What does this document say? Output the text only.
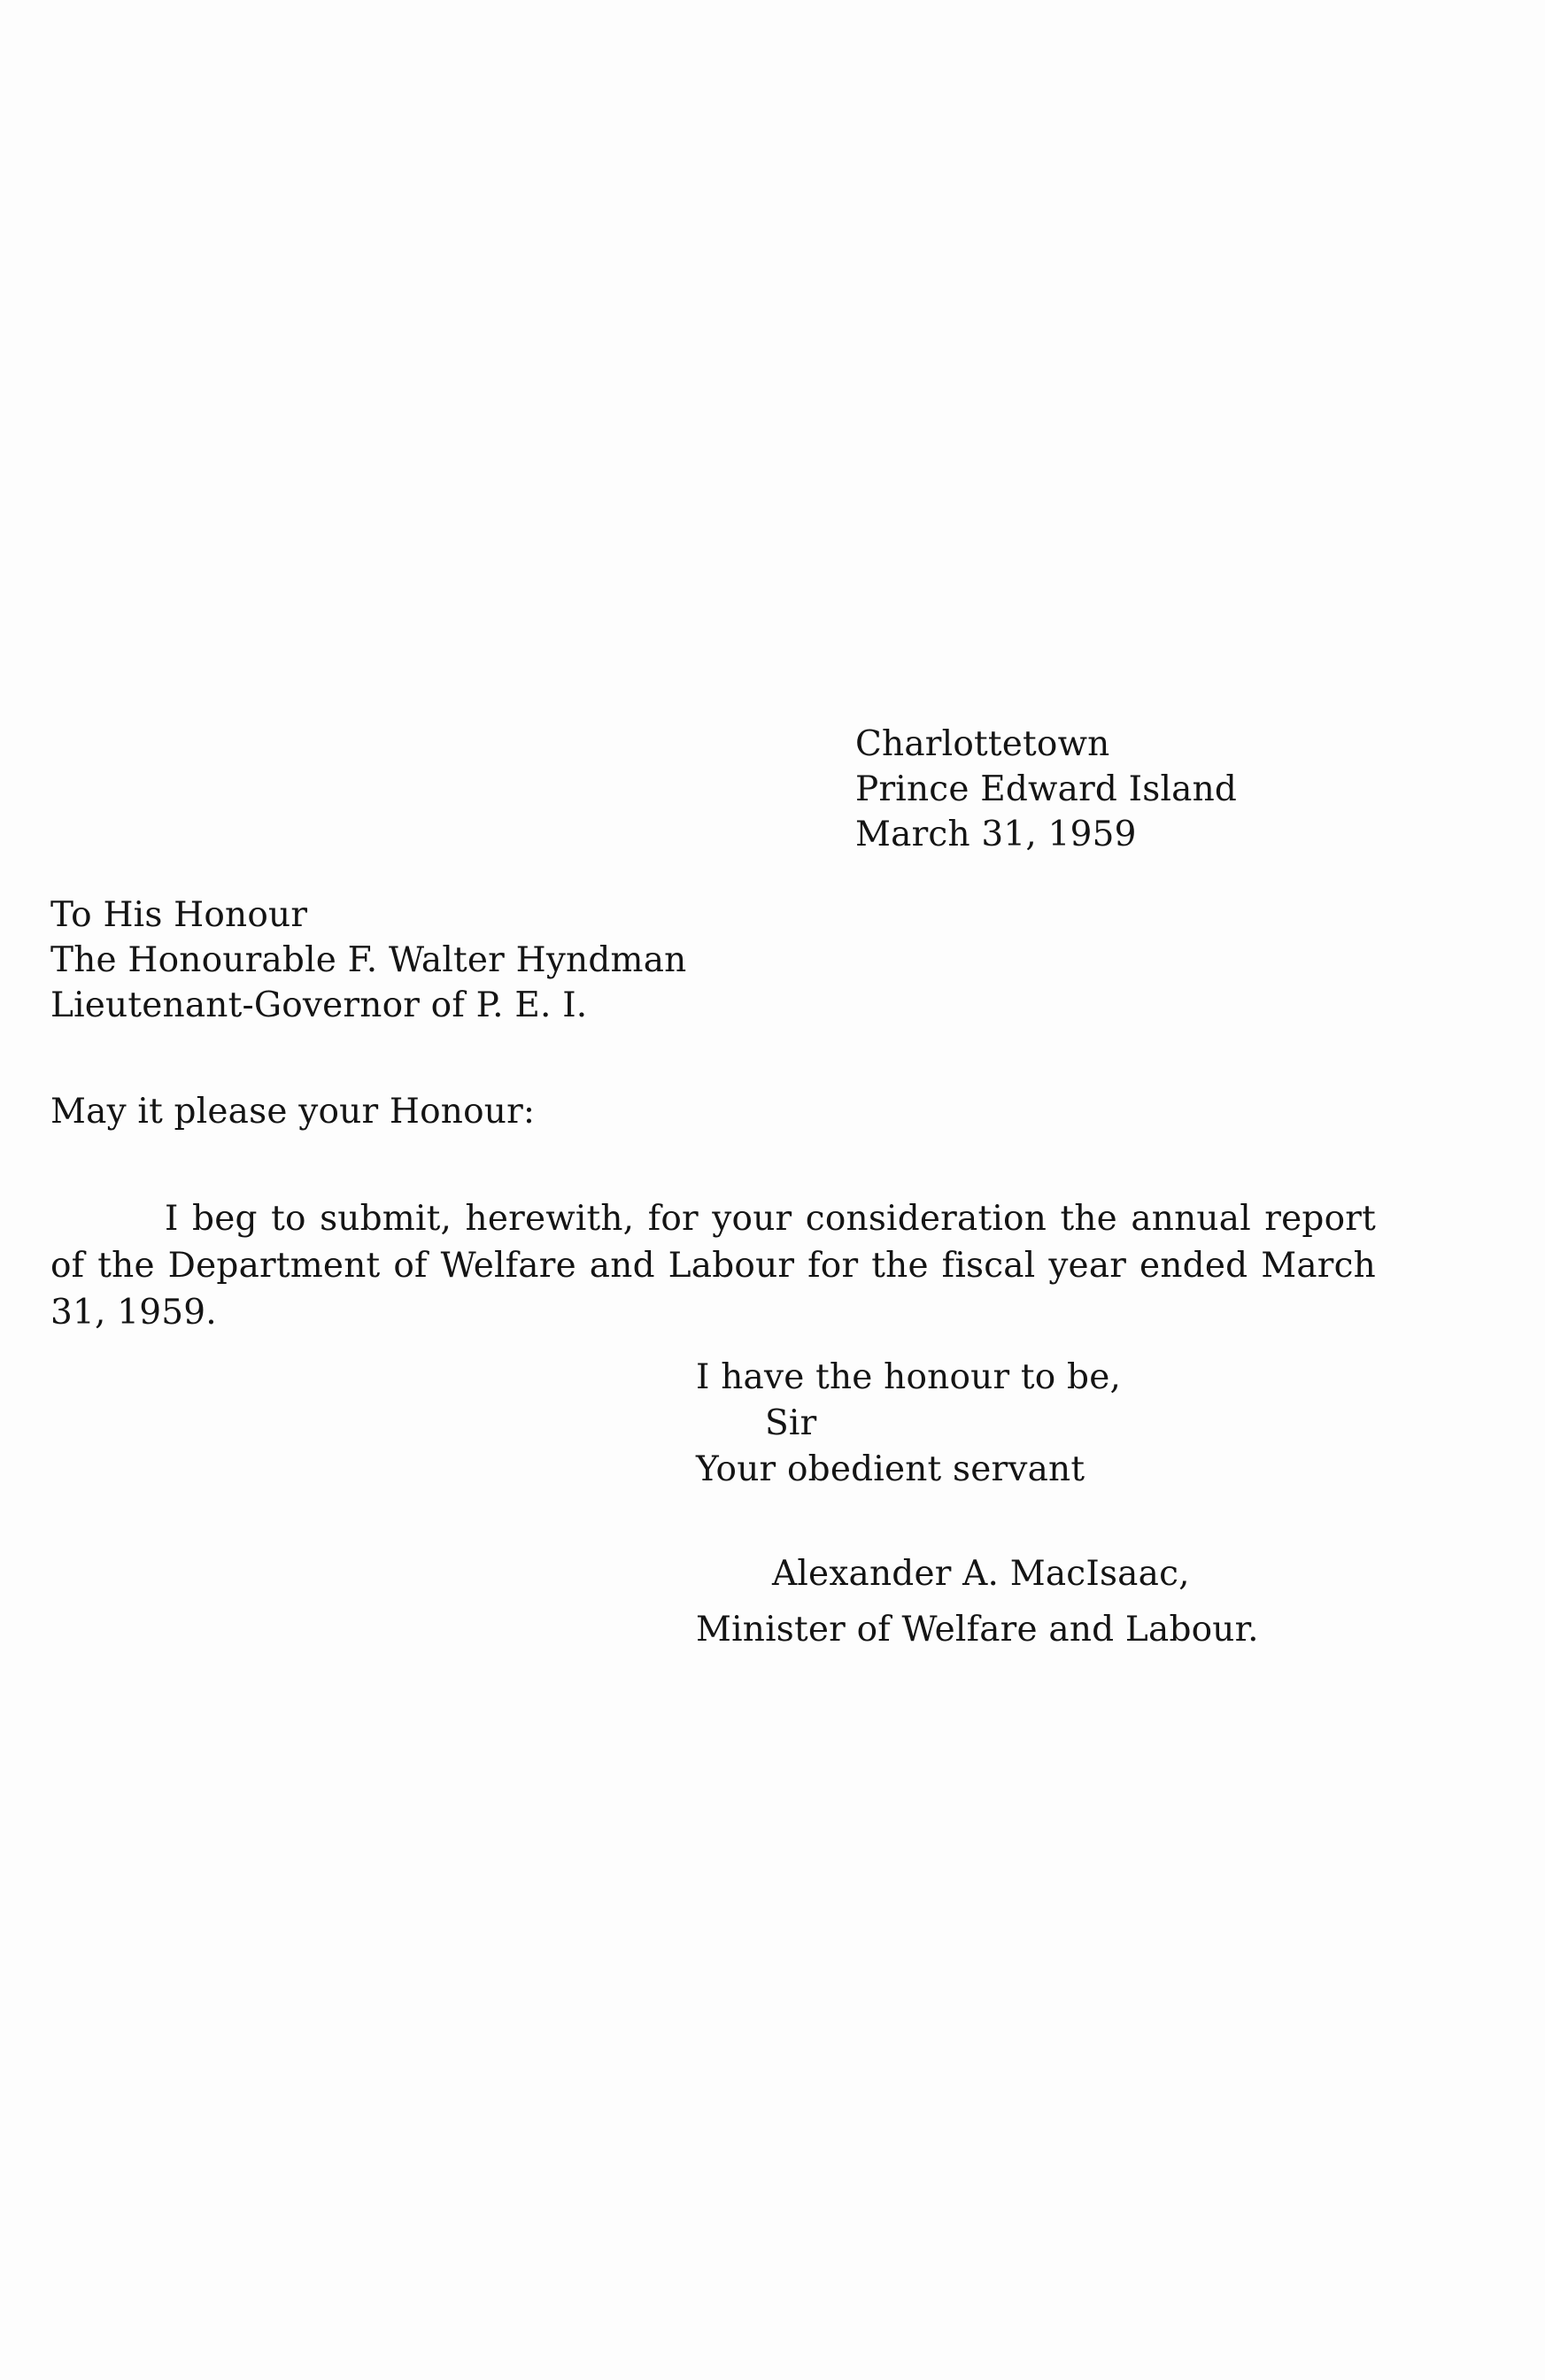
Charlottetown
Prince Edward Island
March 31, 1959
To His Honour
The Honourable F. Walter Hyndman
Lieutenant-Governor of P. E. I.
May it please your Honour:
I beg to submit, herewith, for your consideration the annual report
of the Department of Welfare and Labour for the fiscal year ended March
31, 1959.
I have the honour to be,
Sir
Your obedient servant
Alexander A. MacIsaac,
Minister of Welfare and Labour.
